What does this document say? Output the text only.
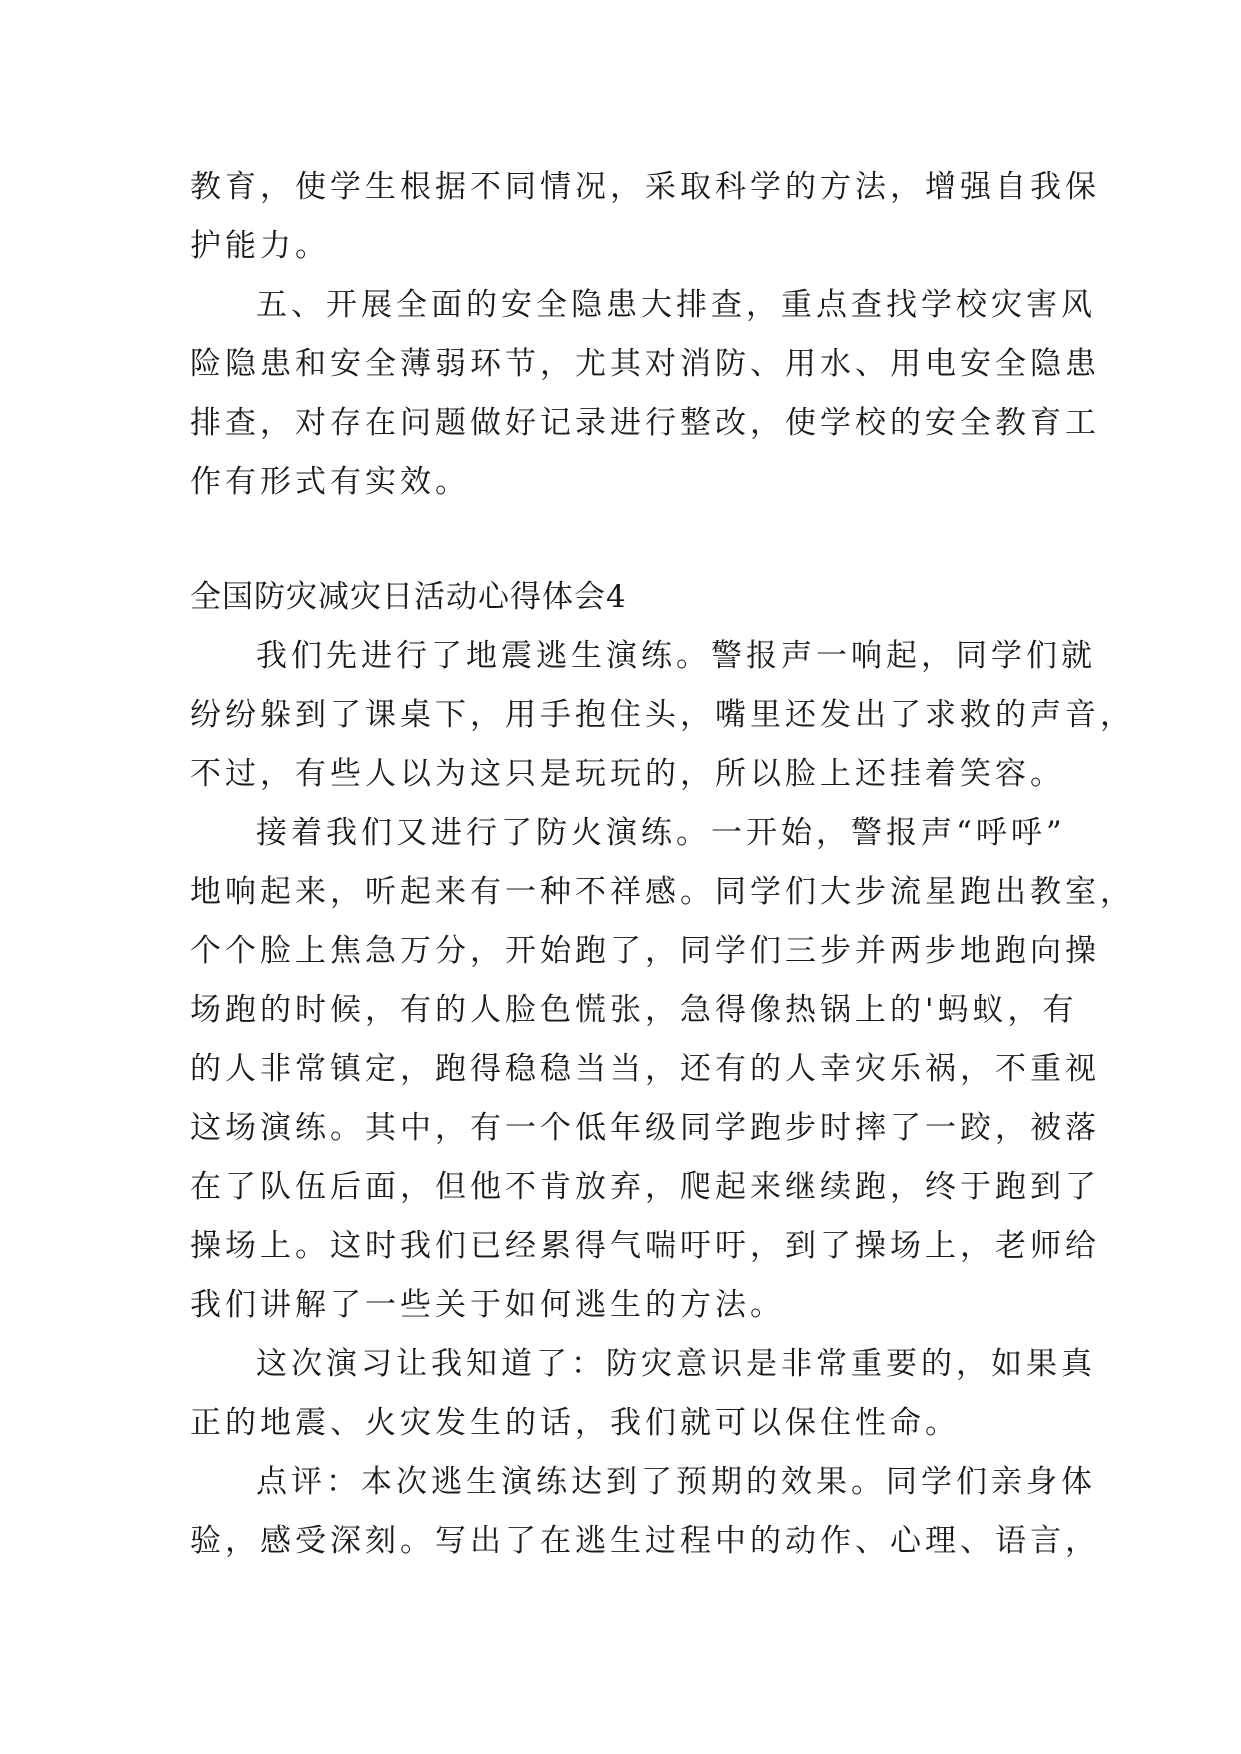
教育，使学生根据不同情况，采取科学的方法，增强自我保
护能力。
五、开展全面的安全隐患大排查，重点查找学校灾害风
险隐患和安全薄弱环节，尤其对消防、用水、用电安全隐患
排查，对存在问题做好记录进行整改，使学校的安全教育工
作有形式有实效。
全国防灾减灾日活动心得体会4
我们先进行了地震逃生演练。警报声一响起，同学们就
纷纷躲到了课桌下，用手抱住头，嘴里还发出了求救的声音，
不过，有些人以为这只是玩玩的，所以脸上还挂着笑容。
接着我们又进行了防火演练。一开始，警报声“呼呼”
地响起来，听起来有一种不祥感。同学们大步流星跑出教室，
个个脸上焦急万分，开始跑了，同学们三步并两步地跑向操
场跑的时候，有的人脸色慌张，急得像热锅上的'蚂蚁，有
的人非常镇定，跑得稳稳当当，还有的人幸灾乐祸，不重视
这场演练。其中，有一个低年级同学跑步时摔了一跤，被落
在了队伍后面，但他不肯放弃，爬起来继续跑，终于跑到了
操场上。这时我们已经累得气喘吁吁，到了操场上，老师给
我们讲解了一些关于如何逃生的方法。
这次演习让我知道了：防灾意识是非常重要的，如果真
正的地震、火灾发生的话，我们就可以保住性命。
点评：本次逃生演练达到了预期的效果。同学们亲身体
验，感受深刻。写出了在逃生过程中的动作、心理、语言，
